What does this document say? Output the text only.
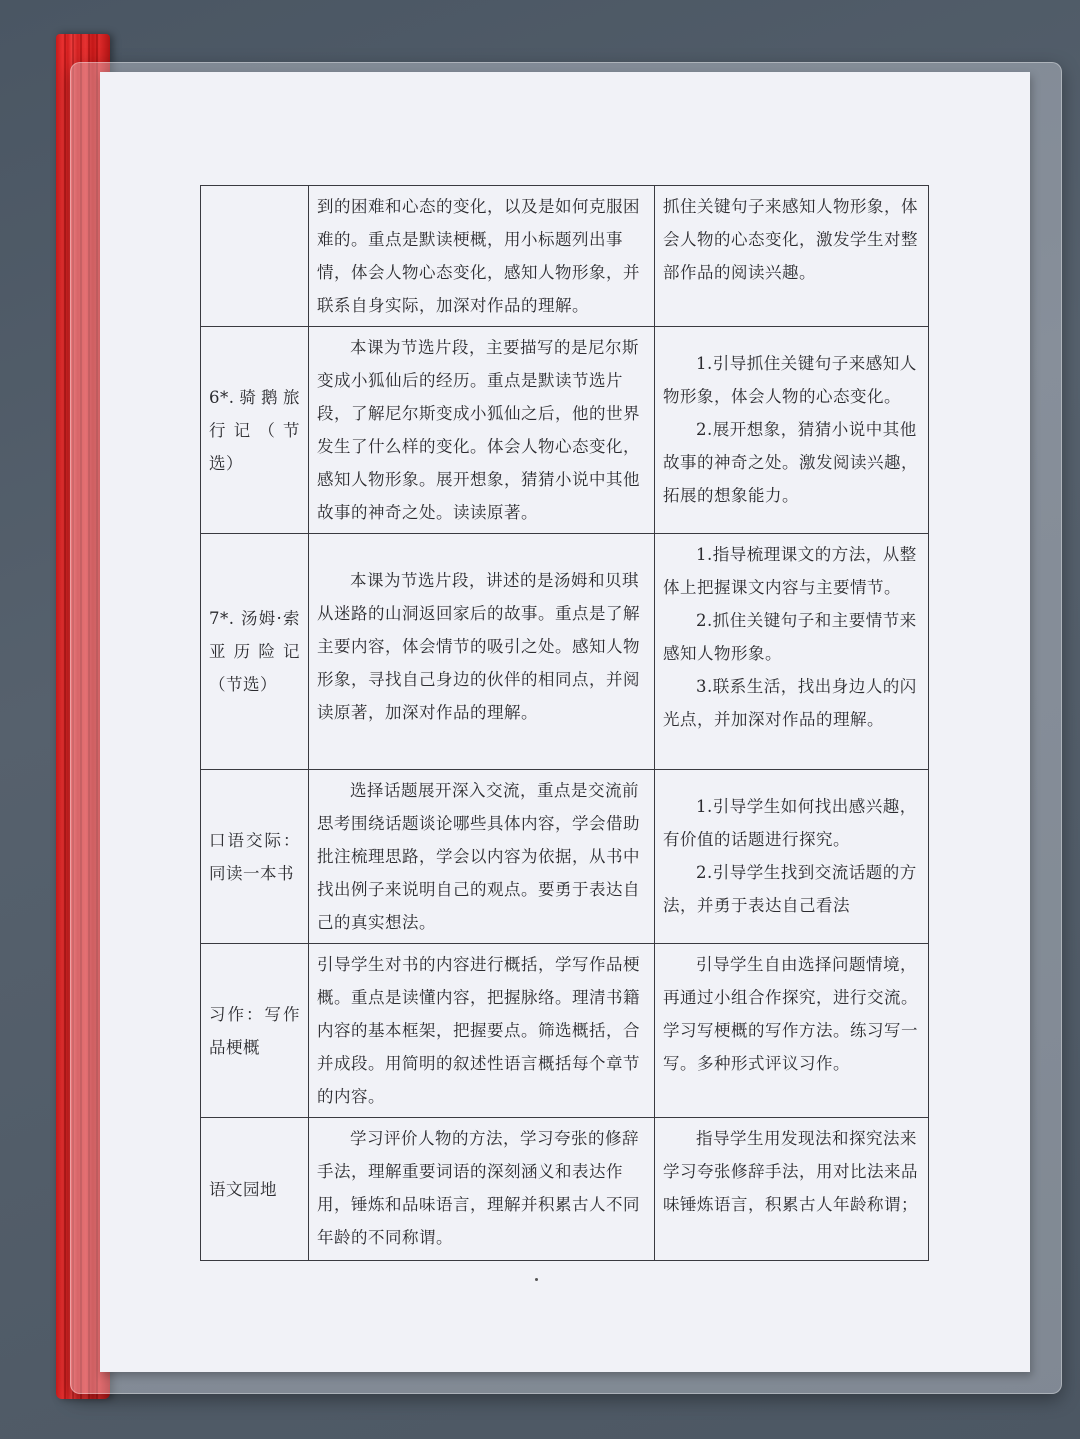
	到的困难和心态的变化，以及是如何克服困难的。重点是默读梗概，用小标题列出事情，体会人物心态变化，感知人物形象，并联系自身实际，加深对作品的理解。	抓住关键句子来感知人物形象，体会人物的心态变化，激发学生对整部作品的阅读兴趣。

6*.骑鹅旅行记（节选）	本课为节选片段，主要描写的是尼尔斯变成小狐仙后的经历。重点是默读节选片段，了解尼尔斯变成小狐仙之后，他的世界发生了什么样的变化。体会人物心态变化，感知人物形象。展开想象，猜猜小说中其他故事的神奇之处。读读原著。	1.引导抓住关键句子来感知人物形象，体会人物的心态变化。
2.展开想象，猜猜小说中其他故事的神奇之处。激发阅读兴趣，拓展的想象能力。

7*. 汤姆·索亚历险记（节选）	本课为节选片段，讲述的是汤姆和贝琪从迷路的山洞返回家后的故事。重点是了解主要内容，体会情节的吸引之处。感知人物形象，寻找自己身边的伙伴的相同点，并阅读原著，加深对作品的理解。	1.指导梳理课文的方法，从整体上把握课文内容与主要情节。
2.抓住关键句子和主要情节来感知人物形象。
3.联系生活，找出身边人的闪光点，并加深对作品的理解。

口语交际：同读一本书	选择话题展开深入交流，重点是交流前思考围绕话题谈论哪些具体内容，学会借助批注梳理思路，学会以内容为依据，从书中找出例子来说明自己的观点。要勇于表达自己的真实想法。	1.引导学生如何找出感兴趣，有价值的话题进行探究。
2.引导学生找到交流话题的方法，并勇于表达自己看法

习作：写作品梗概	引导学生对书的内容进行概括，学写作品梗概。重点是读懂内容，把握脉络。理清书籍内容的基本框架，把握要点。筛选概括，合并成段。用简明的叙述性语言概括每个章节的内容。	引导学生自由选择问题情境，
再通过小组合作探究，进行交流。学习写梗概的写作方法。练习写一写。多种形式评议习作。

语文园地	学习评价人物的方法，学习夸张的修辞手法，理解重要词语的深刻涵义和表达作用，锤炼和品味语言，理解并积累古人不同年龄的不同称谓。	指导学生用发现法和探究法来学习夸张修辞手法，用对比法来品味锤炼语言，积累古人年龄称谓；
